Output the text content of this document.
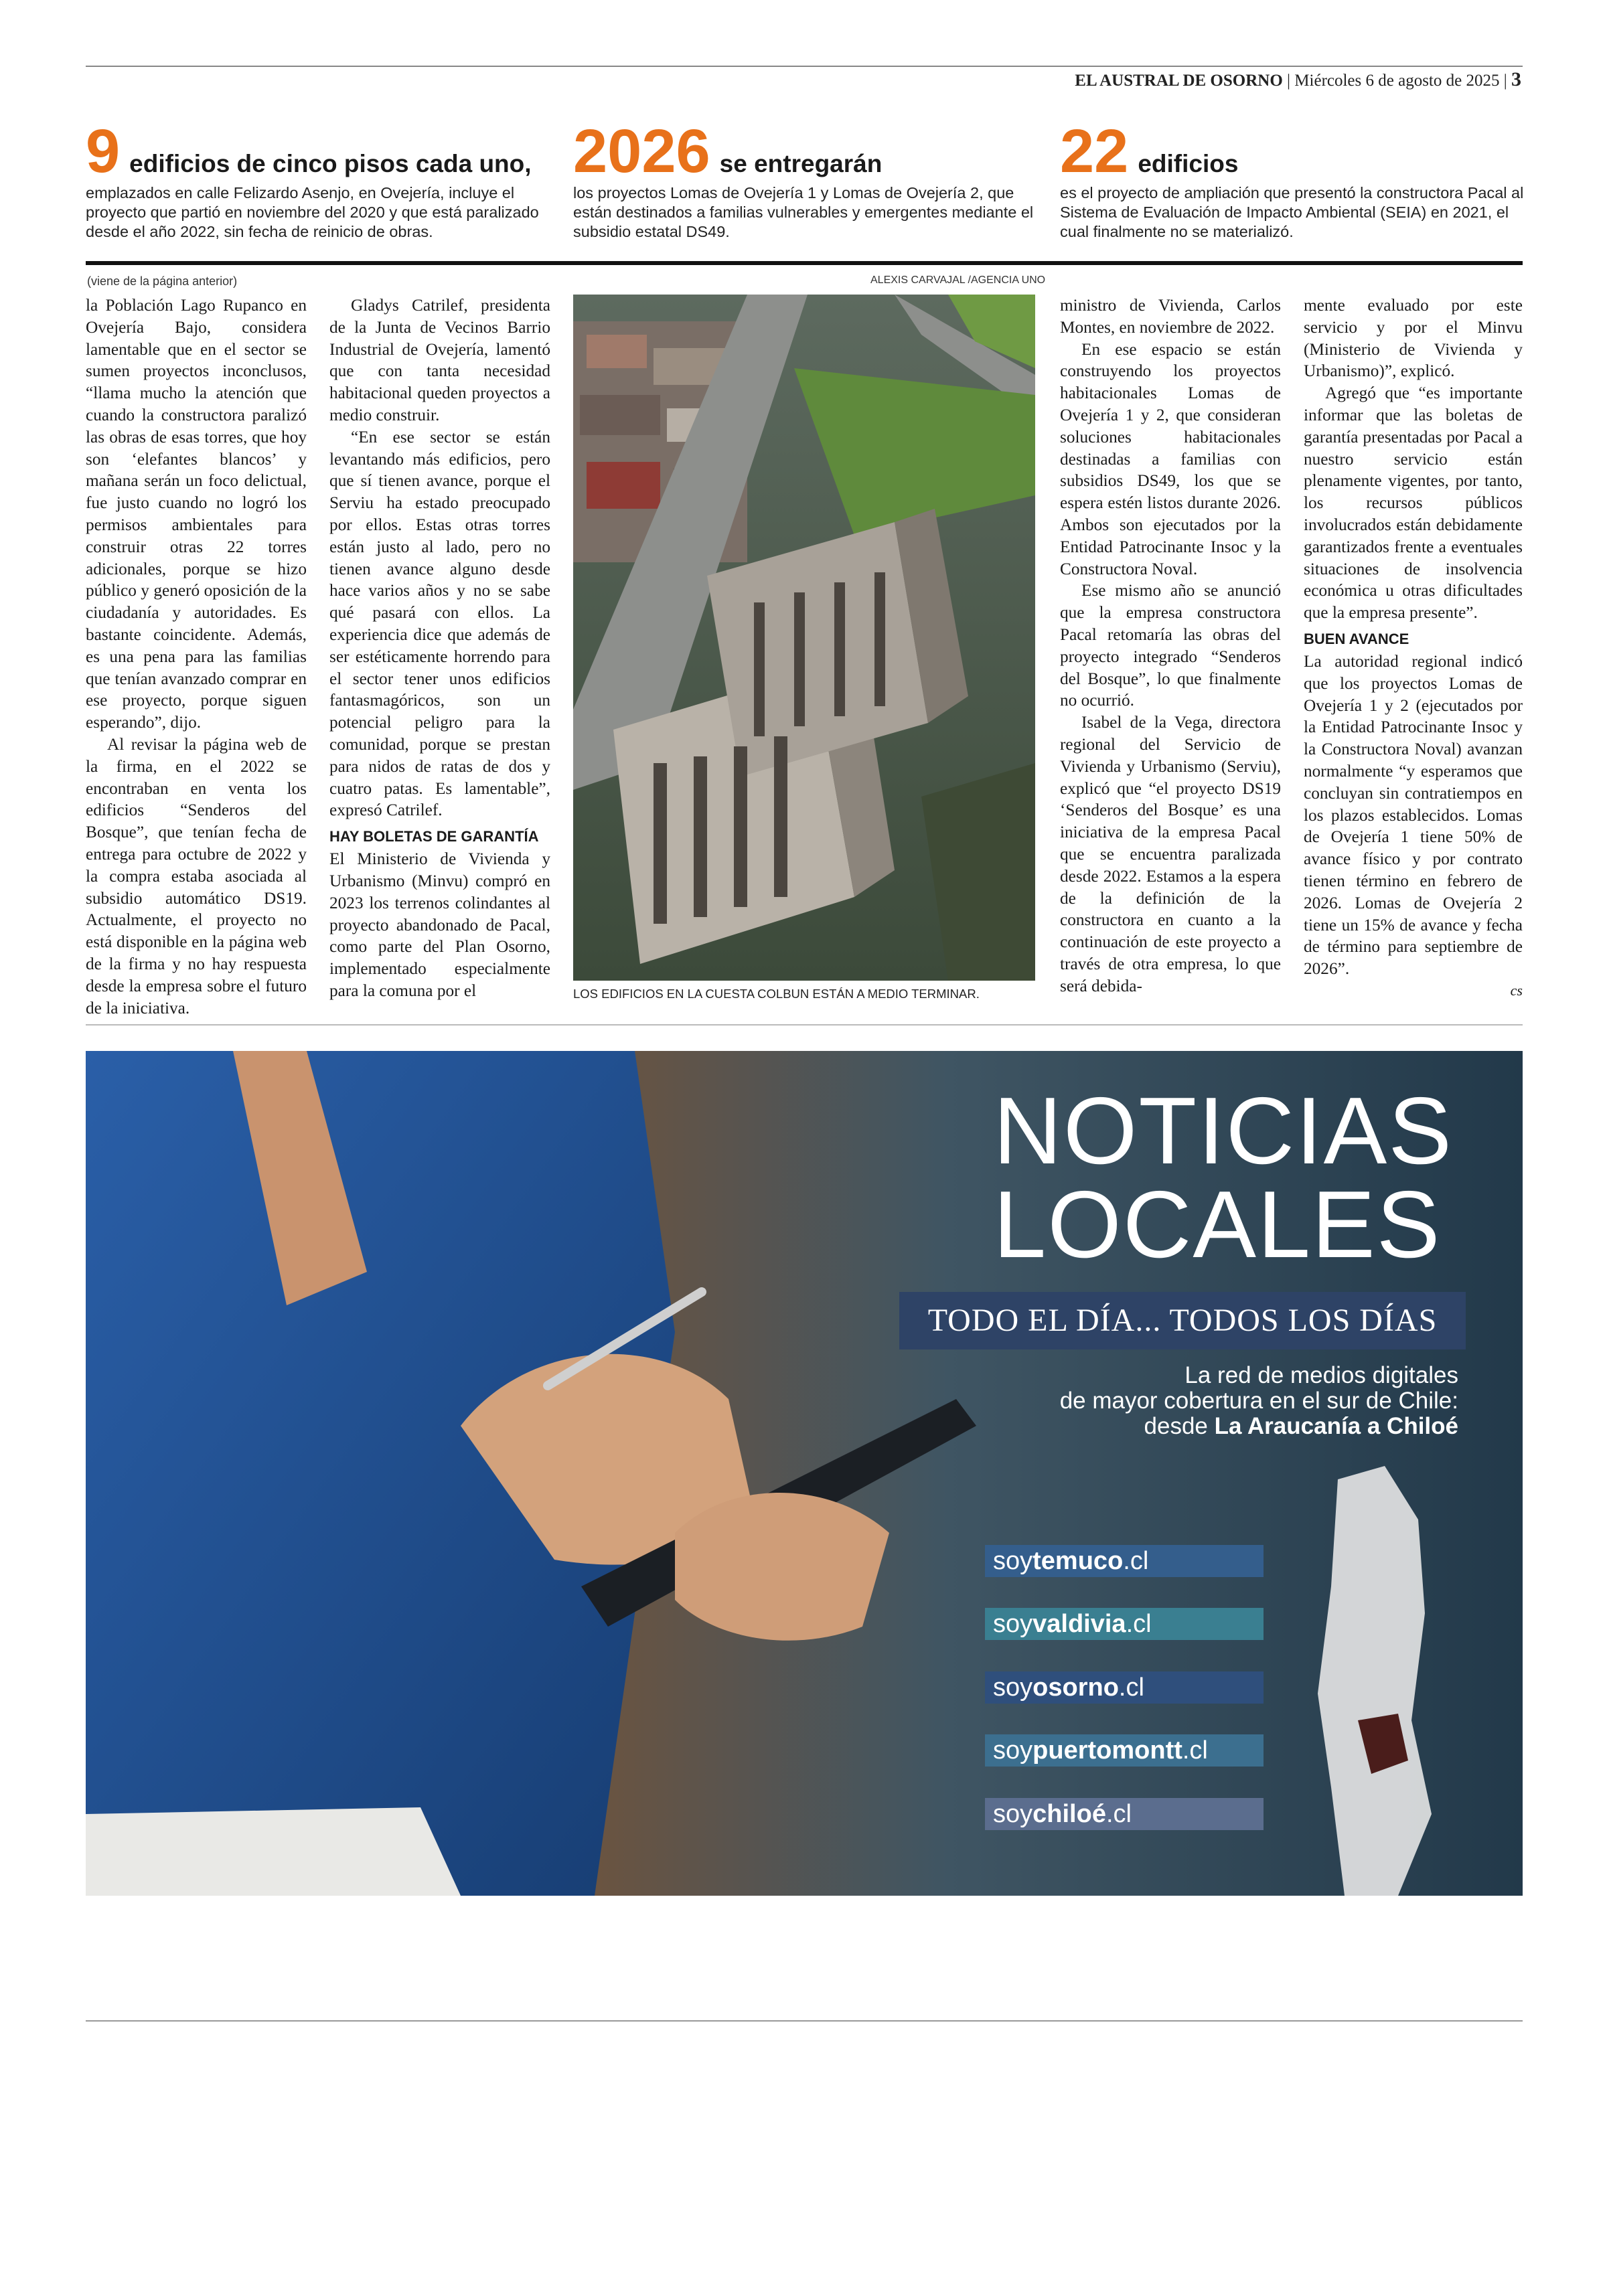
EL AUSTRAL DE OSORNO | Miércoles 6 de agosto de 2025 | 3
9 edificios de cinco pisos cada uno,
emplazados en calle Felizardo Asenjo, en Ovejería, incluye el proyecto que partió en noviembre del 2020 y que está paralizado desde el año 2022, sin fecha de reinicio de obras.
2026 se entregarán
los proyectos Lomas de Ovejería 1 y Lomas de Ovejería 2, que están destinados a familias vulnerables y emergentes mediante el subsidio estatal DS49.
22 edificios
es el proyecto de ampliación que presentó la constructora Pacal al Sistema de Evaluación de Impacto Ambiental (SEIA) en 2021, el cual finalmente no se materializó.
(viene de la página anterior)

la Población Lago Rupanco en Ovejería Bajo, considera lamentable que en el sector se sumen proyectos inconclusos, “llama mucho la atención que cuando la constructora paralizó las obras de esas torres, que hoy son ‘elefantes blancos’ y mañana serán un foco delictual, fue justo cuando no logró los permisos ambientales para construir otras 22 torres adicionales, porque se hizo público y generó oposición de la ciudadanía y autoridades. Es bastante coincidente. Además, es una pena para las familias que tenían avanzado comprar en ese proyecto, porque siguen esperando”, dijo.

Al revisar la página web de la firma, en el 2022 se encontraban en venta los edificios “Senderos del Bosque”, que tenían fecha de entrega para octubre de 2022 y la compra estaba asociada al subsidio automático DS19. Actualmente, el proyecto no está disponible en la página web de la firma y no hay respuesta desde la empresa sobre el futuro de la iniciativa.

Gladys Catrilef, presidenta de la Junta de Vecinos Barrio Industrial de Ovejería, lamentó que con tanta necesidad habitacional queden proyectos a medio construir.

“En ese sector se están levantando más edificios, pero que sí tienen avance, porque el Serviu ha estado preocupado por ellos. Estas otras torres están justo al lado, pero no tienen avance alguno desde hace varios años y no se sabe qué pasará con ellos. La experiencia dice que además de ser estéticamente horrendo para el sector tener unos edificios fantasmagóricos, son un potencial peligro para la comunidad, porque se prestan para nidos de ratas de dos y cuatro patas. Es lamentable”, expresó Catrilef.

HAY BOLETAS DE GARANTÍA

El Ministerio de Vivienda y Urbanismo (Minvu) compró en 2023 los terrenos colindantes al proyecto abandonado de Pacal, como parte del Plan Osorno, implementado especialmente para la comuna por el

ALEXIS CARVAJAL /AGENCIA UNO
LOS EDIFICIOS EN LA CUESTA COLBUN ESTÁN A MEDIO TERMINAR.

ministro de Vivienda, Carlos Montes, en noviembre de 2022.

En ese espacio se están construyendo los proyectos habitacionales Lomas de Ovejería 1 y 2, que consideran soluciones habitacionales destinadas a familias con subsidios DS49, los que se espera estén listos durante 2026. Ambos son ejecutados por la Entidad Patrocinante Insoc y la Constructora Noval.

Ese mismo año se anunció que la empresa constructora Pacal retomaría las obras del proyecto integrado “Senderos del Bosque”, lo que finalmente no ocurrió.

Isabel de la Vega, directora regional del Servicio de Vivienda y Urbanismo (Serviu), explicó que “el proyecto DS19 ‘Senderos del Bosque’ es una iniciativa de la empresa Pacal que se encuentra paralizada desde 2022. Estamos a la espera de la definición de la constructora en cuanto a la continuación de este proyecto a través de otra empresa, lo que será debida-

mente evaluado por este servicio y por el Minvu (Ministerio de Vivienda y Urbanismo)”, explicó.

Agregó que “es importante informar que las boletas de garantía presentadas por Pacal a nuestro servicio están plenamente vigentes, por tanto, los recursos públicos involucrados están debidamente garantizados frente a eventuales situaciones de insolvencia económica u otras dificultades que la empresa presente”.

BUEN AVANCE

La autoridad regional indicó que los proyectos Lomas de Ovejería 1 y 2 (ejecutados por la Entidad Patrocinante Insoc y la Constructora Noval) avanzan normalmente “y esperamos que concluyan sin contratiempos en los plazos establecidos. Lomas de Ovejería 1 tiene 50% de avance físico y por contrato tienen término en febrero de 2026. Lomas de Ovejería 2 tiene un 15% de avance y fecha de término para septiembre de 2026”.

cs
NOTICIAS
LOCALES
TODO EL DÍA... TODOS LOS DÍAS
La red de medios digitales
de mayor cobertura en el sur de Chile:
desde La Araucanía a Chiloé
soytemuco.cl
soyvaldivia.cl
soyosorno.cl
soypuertomontt.cl
soychiloé.cl
